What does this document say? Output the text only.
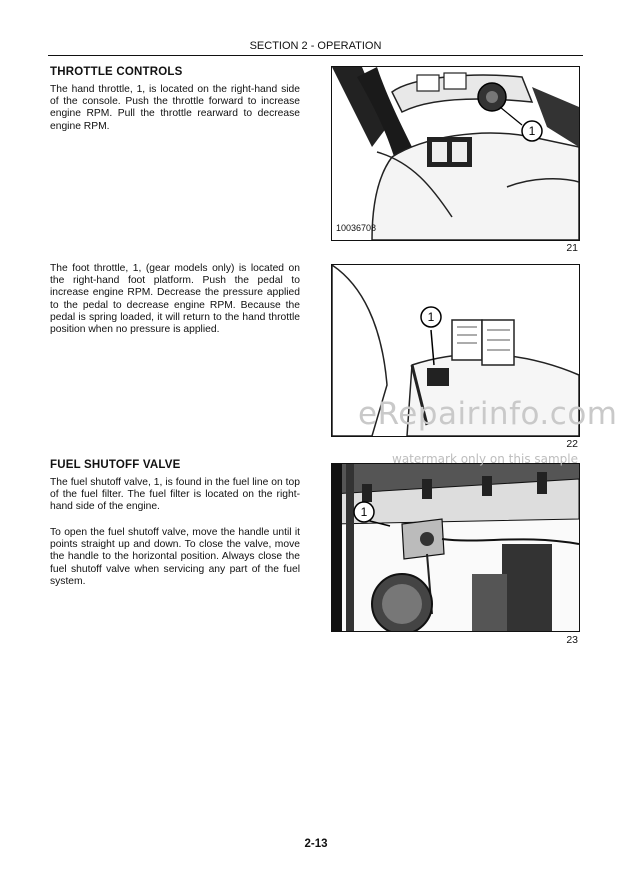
SECTION 2 - OPERATION
THROTTLE CONTROLS
The hand throttle, 1, is located on the right-hand side of the console. Push the throttle forward to increase engine RPM. Pull the throttle rearward to decrease engine RPM.
The foot throttle, 1, (gear models only) is located on the right-hand foot platform. Push the pedal to increase engine RPM. Decrease the pressure applied to the pedal to decrease engine RPM. Because the pedal is spring loaded, it will return to the hand throttle position when no pressure is applied.
FUEL SHUTOFF VALVE
The fuel shutoff valve, 1, is found in the fuel line on top of the fuel filter. The fuel filter is located on the right-hand side of the engine.
To open the fuel shutoff valve, move the handle until it points straight up and down. To close the valve, move the handle to the horizontal position. Always close the fuel shutoff valve when servicing any part of the fuel system.
1
10036708
21
1
22
1
23
eRepairinfo.com
watermark only on this sample
2-13
